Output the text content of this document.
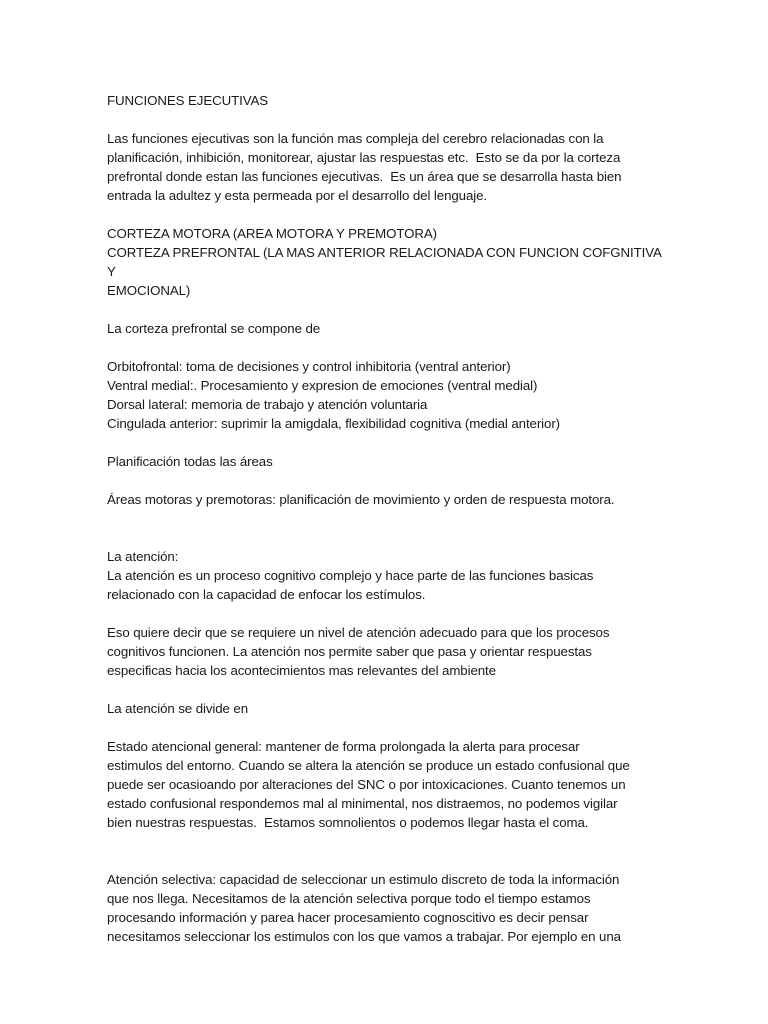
FUNCIONES EJECUTIVAS

Las funciones ejecutivas son la función mas compleja del cerebro relacionadas con la

planificación, inhibición, monitorear, ajustar las respuestas etc.  Esto se da por la corteza

prefrontal donde estan las funciones ejecutivas.  Es un área que se desarrolla hasta bien

entrada la adultez y esta permeada por el desarrollo del lenguaje.

CORTEZA MOTORA (AREA MOTORA Y PREMOTORA)

CORTEZA PREFRONTAL (LA MAS ANTERIOR RELACIONADA CON FUNCION COFGNITIVA Y

EMOCIONAL)

La corteza prefrontal se compone de

Orbitofrontal: toma de decisiones y control inhibitoria (ventral anterior)

Ventral medial:. Procesamiento y expresion de emociones (ventral medial)

Dorsal lateral: memoria de trabajo y atención voluntaria

Cingulada anterior: suprimir la amigdala, flexibilidad cognitiva (medial anterior)

Planificación todas las áreas

Áreas motoras y premotoras: planificación de movimiento y orden de respuesta motora.

La atención:

La atención es un proceso cognitivo complejo y hace parte de las funciones basicas

relacionado con la capacidad de enfocar los estímulos.

Eso quiere decir que se requiere un nivel de atención adecuado para que los procesos

cognitivos funcionen. La atención nos permite saber que pasa y orientar respuestas

especificas hacia los acontecimientos mas relevantes del ambiente

La atención se divide en

Estado atencional general: mantener de forma prolongada la alerta para procesar

estimulos del entorno. Cuando se altera la atención se produce un estado confusional que

puede ser ocasioando por alteraciones del SNC o por intoxicaciones. Cuanto tenemos un

estado confusional respondemos mal al minimental, nos distraemos, no podemos vigilar

bien nuestras respuestas.  Estamos somnolientos o podemos llegar hasta el coma.

Atención selectiva: capacidad de seleccionar un estimulo discreto de toda la información

que nos llega. Necesitamos de la atención selectiva porque todo el tiempo estamos

procesando información y parea hacer procesamiento cognoscitivo es decir pensar

necesitamos seleccionar los estimulos con los que vamos a trabajar. Por ejemplo en una
